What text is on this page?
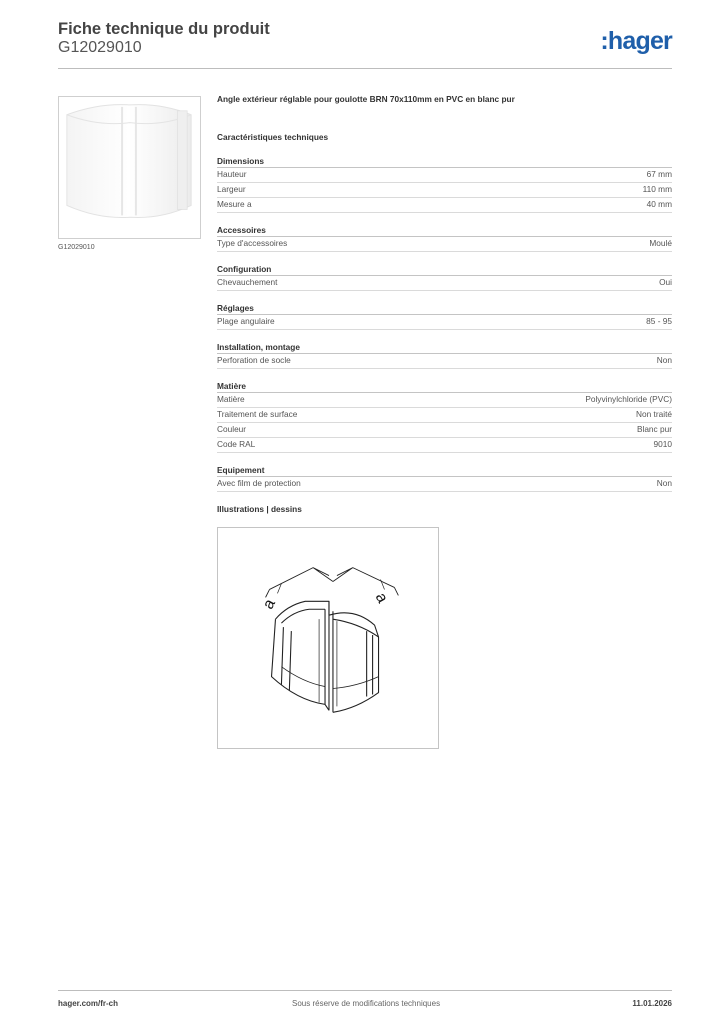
Fiche technique du produit
G12029010	:hager
G12029010
Angle extérieur réglable pour goulotte BRN 70x110mm en PVC en blanc pur
Caractéristiques techniques
Dimensions
Hauteur	67 mm
Largeur	110 mm
Mesure a	40 mm
Accessoires
Type d'accessoires	Moulé
Configuration
Chevauchement	Oui
Réglages
Plage angulaire	85 - 95
Installation, montage
Perforation de socle	Non
Matière
Matière	Polyvinylchloride (PVC)
Traitement de surface	Non traité
Couleur	Blanc pur
Code RAL	9010
Equipement
Avec film de protection	Non
Illustrations | dessins
a	a
hager.com/fr-ch	Sous réserve de modifications techniques	11.01.2026
